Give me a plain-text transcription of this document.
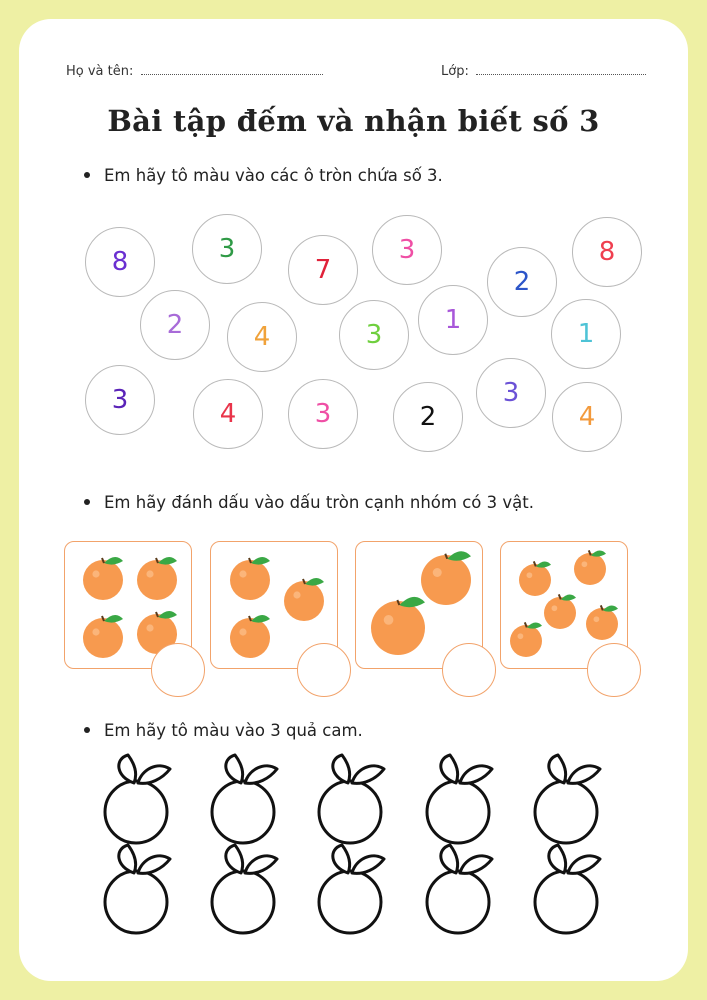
Họ và tên:	Lớp:
Bài tập đếm và nhận biết số 3
Em hãy tô màu vào các ô tròn chứa số 3.
8	3
7
3
2
8
2	4	3 1	1
3	4	3	2
3
4
Em hãy đánh dấu vào dấu tròn cạnh nhóm có 3 vật.
Em hãy tô màu vào 3 quả cam.
